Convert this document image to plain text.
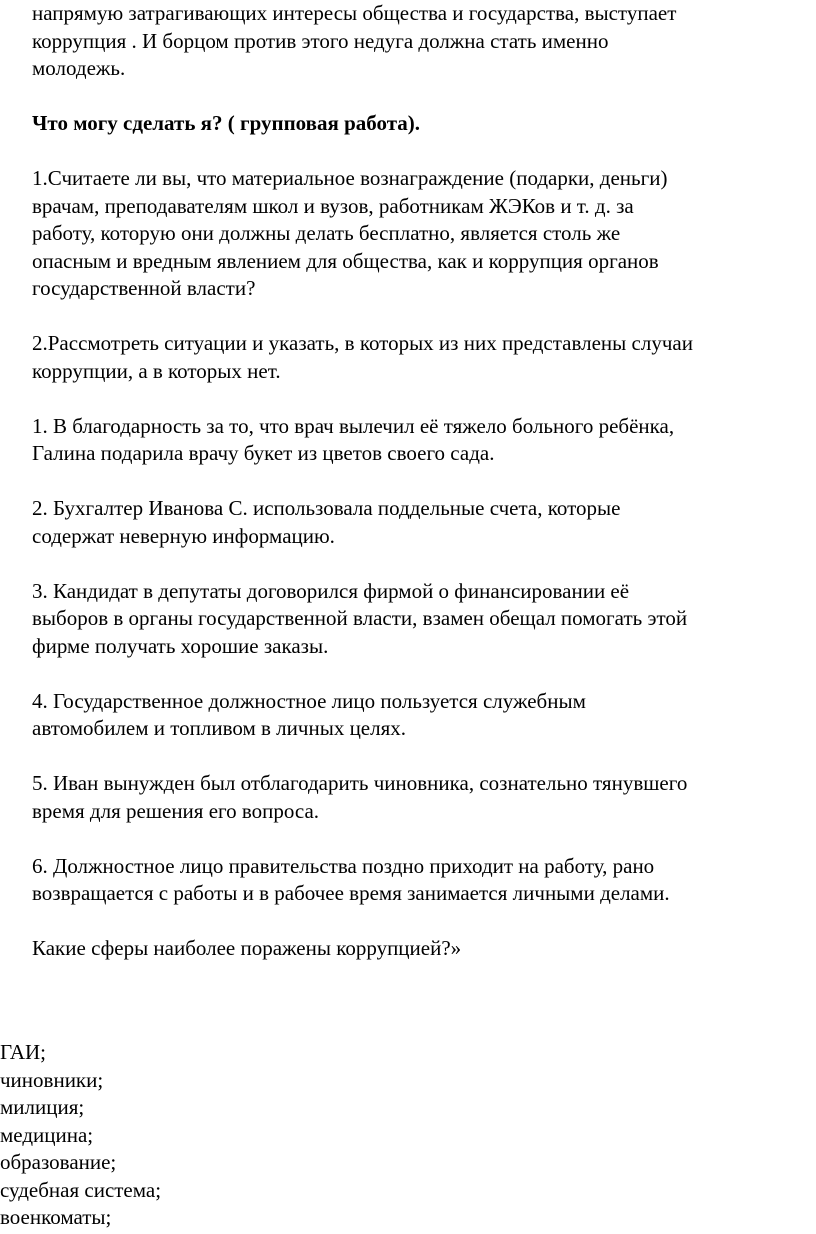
напрямую затрагивающих интересы общества и государства, выступает
коррупция . И борцом против этого недуга должна стать именно
молодежь.
Что могу сделать я? ( групповая работа).
1.Считаете ли вы, что материальное вознаграждение (подарки, деньги)
врачам, преподавателям школ и вузов, работникам ЖЭКов и т. д. за
работу, которую они должны делать бесплатно, является столь же
опасным и вредным явлением для общества, как и коррупция органов
государственной власти?
2.Рассмотреть ситуации и указать, в которых из них представлены случаи
коррупции, а в которых нет.
1. В благодарность за то, что врач вылечил её тяжело больного ребёнка,
Галина подарила врачу букет из цветов своего сада.
2. Бухгалтер Иванова С. использовала поддельные счета, которые
содержат неверную информацию.
3. Кандидат в депутаты договорился фирмой о финансировании её
выборов в органы государственной власти, взамен обещал помогать этой
фирме получать хорошие заказы.
4. Государственное должностное лицо пользуется служебным
автомобилем и топливом в личных целях.
5. Иван вынужден был отблагодарить чиновника, сознательно тянувшего
время для решения его вопроса.
6. Должностное лицо правительства поздно приходит на работу, рано
возвращается с работы и в рабочее время занимается личными делами.
Какие сферы наиболее поражены коррупцией?»
ГАИ;
чиновники;
милиция;
медицина;
образование;
судебная система;
военкоматы;
